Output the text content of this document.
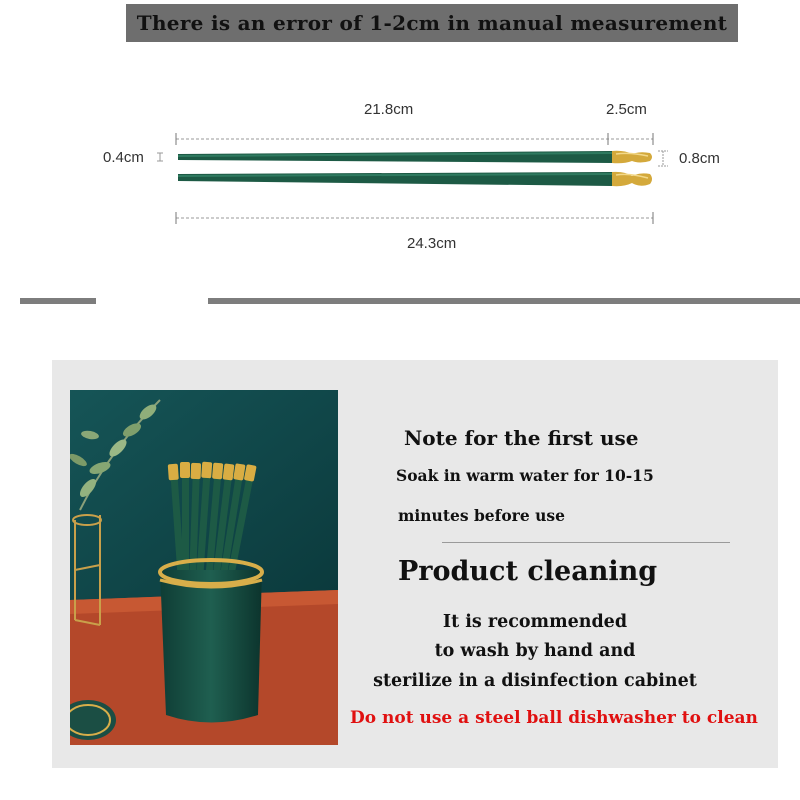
There is an error of 1-2cm in manual measurement
21.8cm	2.5cm
0.4cm	0.8cm
24.3cm
Note for the first use
Soak in warm water for 10-15
minutes before use
Product cleaning
It is recommended
to wash by hand and
sterilize in a disinfection cabinet
Do not use a steel ball dishwasher to clean
